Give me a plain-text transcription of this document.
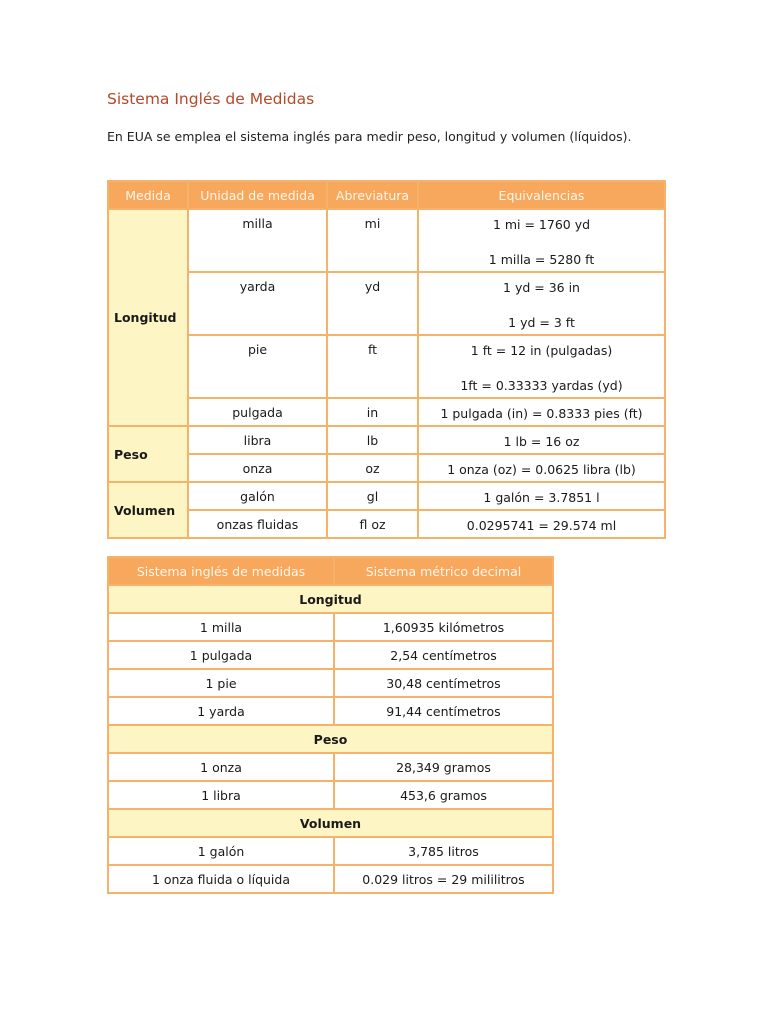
Sistema Inglés de Medidas

En EUA se emplea el sistema inglés para medir peso, longitud y volumen (líquidos).

Medida	Unidad de medida	Abreviatura	Equivalencias
Longitud	milla	mi	1 mi = 1760 yd
1 milla = 5280 ft

	yarda	yd	1 yd = 36 in
1 yd = 3 ft

	pie	ft	1 ft = 12 in (pulgadas)
1ft = 0.33333 yardas (yd)

	pulgada	in	1 pulgada (in) = 0.8333 pies (ft)
Peso	libra	lb	1 lb = 16 oz
	onza	oz	1 onza (oz) = 0.0625 libra (lb)
Volumen	galón	gl	1 galón = 3.7851 l
	onzas fluidas	fl oz	0.0295741 = 29.574 ml
Sistema inglés de medidas	Sistema métrico decimal
Longitud	
1 milla	1,60935 kilómetros
1 pulgada	2,54 centímetros
1 pie	30,48 centímetros
1 yarda	91,44 centímetros
Peso	
1 onza	28,349 gramos
1 libra	453,6 gramos
Volumen	
1 galón	3,785 litros
1 onza fluida o líquida	0.029 litros = 29 mililitros
